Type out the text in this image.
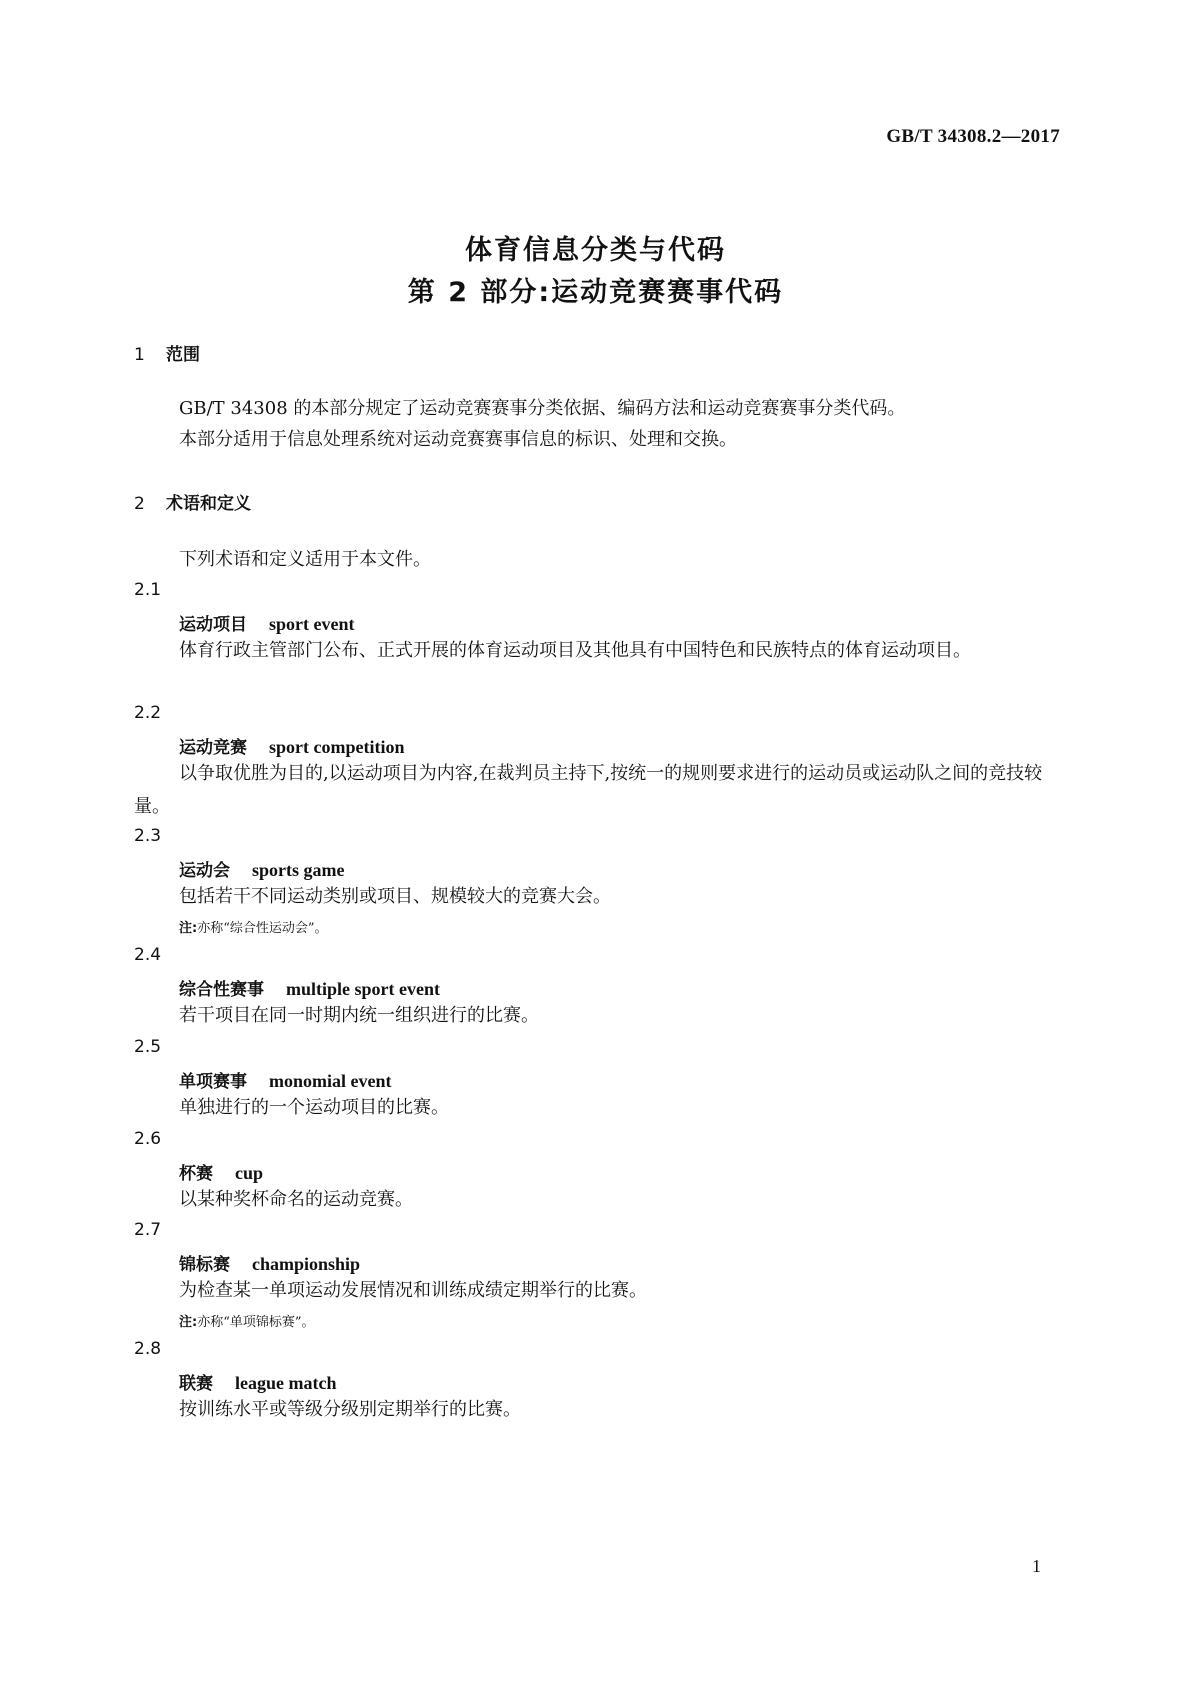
GB/T 34308.2—2017
体育信息分类与代码
第 2 部分:运动竞赛赛事代码
1 范围
GB/T 34308 的本部分规定了运动竞赛赛事分类依据、编码方法和运动竞赛赛事分类代码。
本部分适用于信息处理系统对运动竞赛赛事信息的标识、处理和交换。
2 术语和定义
下列术语和定义适用于本文件。
2.1
运动项目 sport event
体育行政主管部门公布、正式开展的体育运动项目及其他具有中国特色和民族特点的体育运动项目。
2.2
运动竞赛 sport competition
以争取优胜为目的,以运动项目为内容,在裁判员主持下,按统一的规则要求进行的运动员或运动队之间的竞技较量。
2.3
运动会 sports game
包括若干不同运动类别或项目、规模较大的竞赛大会。
注:亦称“综合性运动会”。
2.4
综合性赛事 multiple sport event
若干项目在同一时期内统一组织进行的比赛。
2.5
单项赛事 monomial event
单独进行的一个运动项目的比赛。
2.6
杯赛 cup
以某种奖杯命名的运动竞赛。
2.7
锦标赛 championship
为检查某一单项运动发展情况和训练成绩定期举行的比赛。
注:亦称“单项锦标赛”。
2.8
联赛 league match
按训练水平或等级分级别定期举行的比赛。
1
